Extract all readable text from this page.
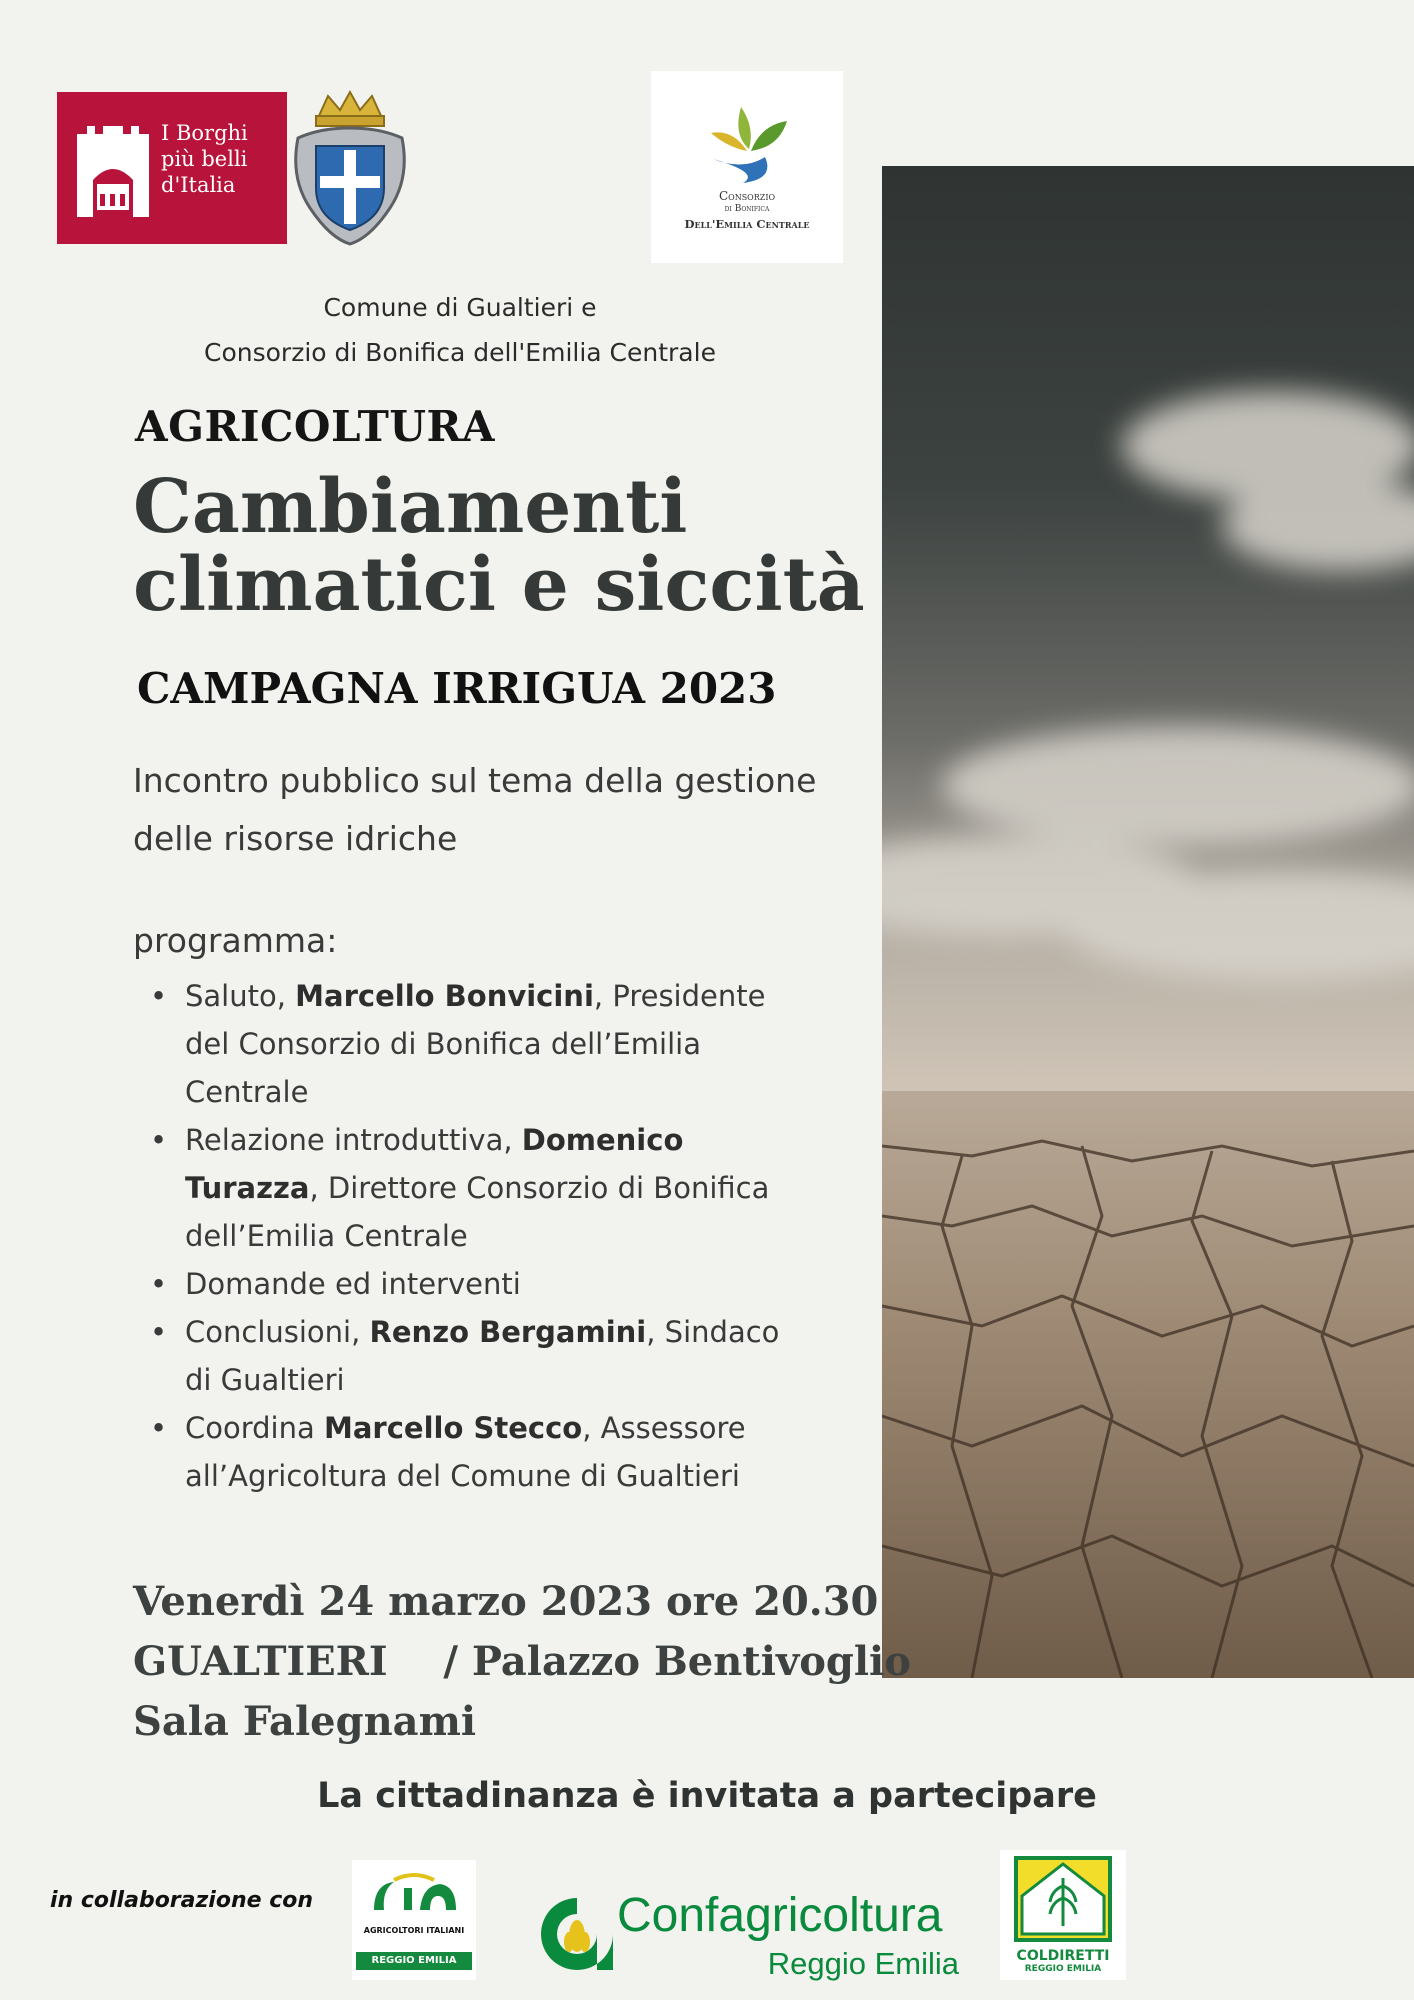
I Borghi
più belli
d'Italia	Consorzio
di Bonifica
Dell'Emilia Centrale
Comune di Gualtieri e
Consorzio di Bonifica dell'Emilia Centrale
AGRICOLTURA
Cambiamenti
climatici e siccità
CAMPAGNA IRRIGUA 2023
Incontro pubblico sul tema della gestione
delle risorse idriche
programma:
• Saluto, Marcello Bonvicini, Presidente del Consorzio di Bonifica dell’Emilia Centrale
• Relazione introduttiva, Domenico Turazza, Direttore Consorzio di Bonifica dell’Emilia Centrale
• Domande ed interventi
• Conclusioni, Renzo Bergamini, Sindaco di Gualtieri
• Coordina Marcello Stecco, Assessore all’Agricoltura del Comune di Gualtieri
Venerdì 24 marzo 2023 ore 20.30
GUALTIERI    / Palazzo Bentivoglio
Sala Falegnami
La cittadinanza è invitata a partecipare
in collaborazione con
AGRICOLTORI ITALIANI
REGGIO EMILIA
Confagricoltura
Reggio Emilia	COLDIRETTI
REGGIO EMILIA
